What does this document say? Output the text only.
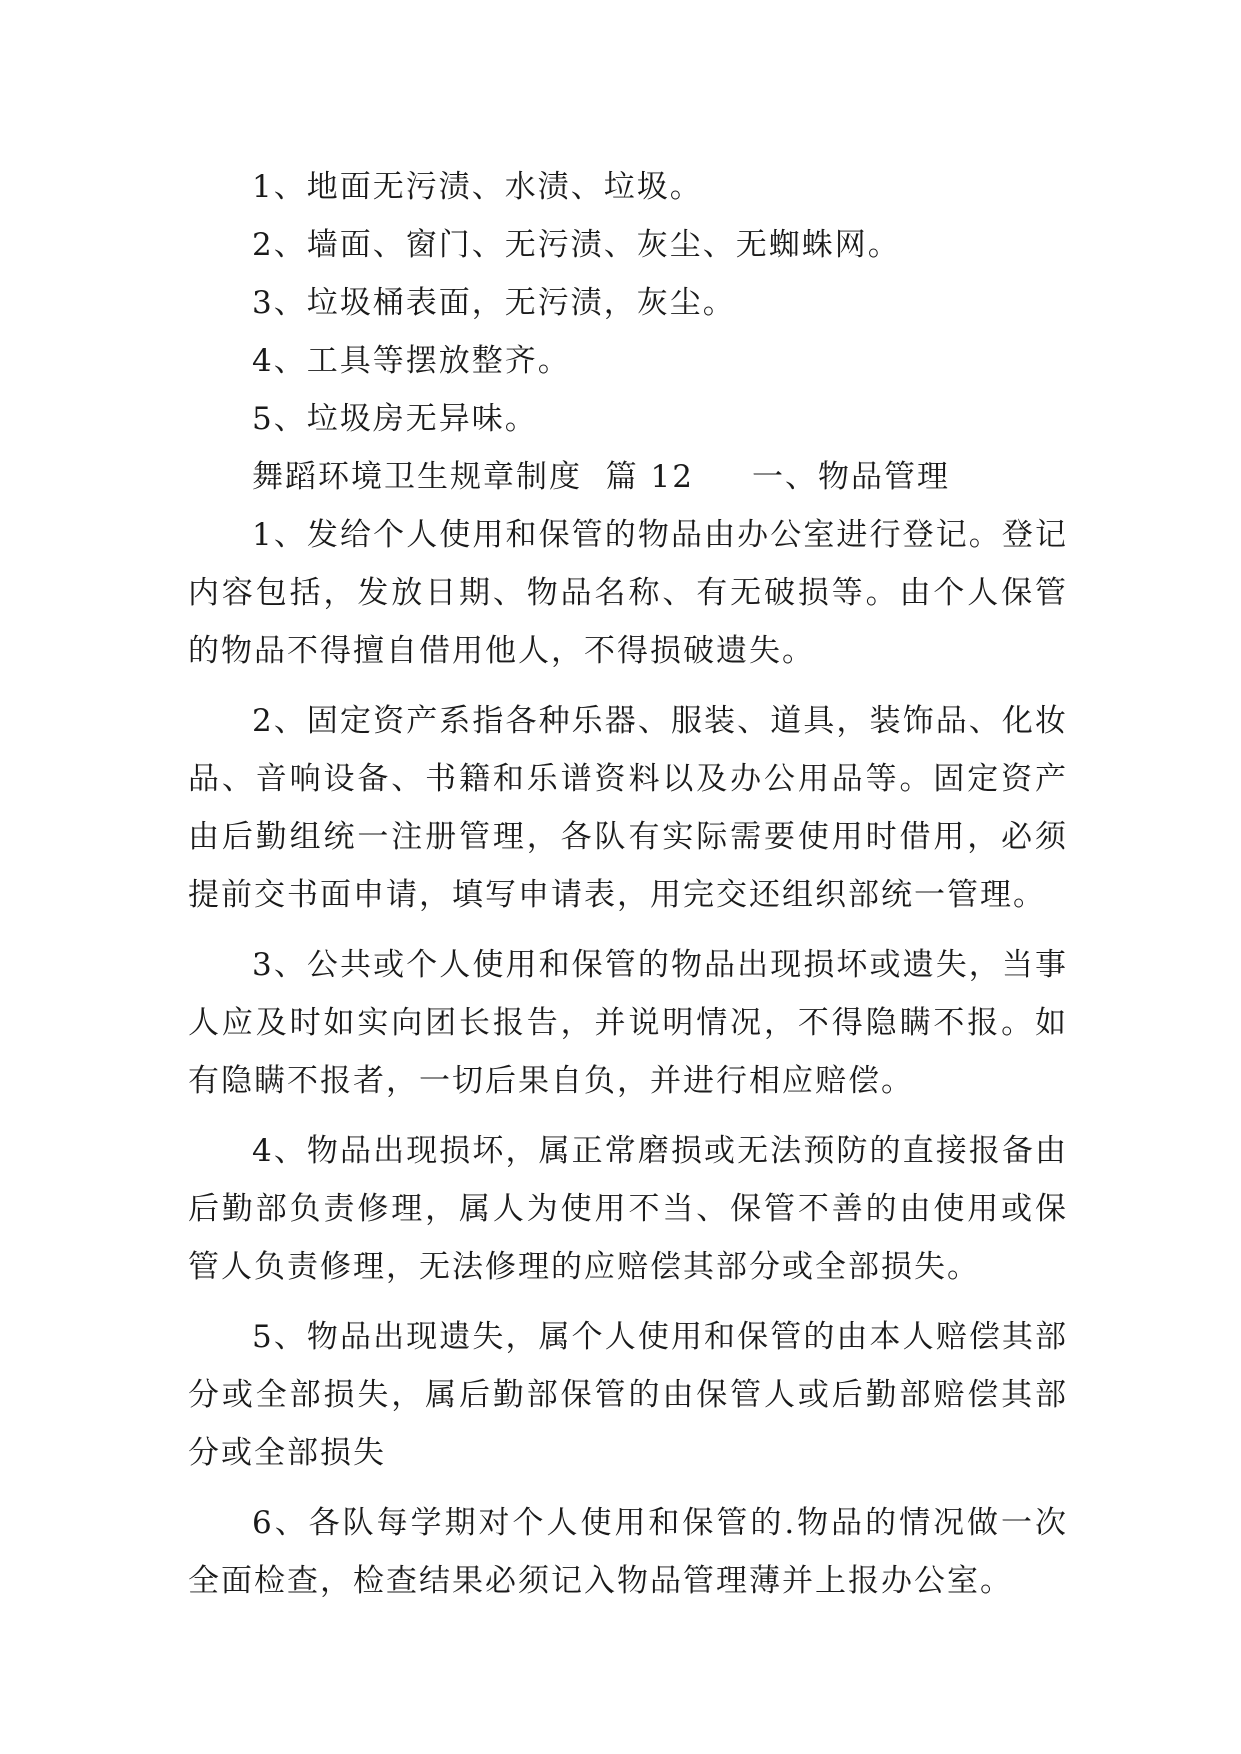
1、地面无污渍、水渍、垃圾。

2、墙面、窗门、无污渍、灰尘、无蜘蛛网。

3、垃圾桶表面，无污渍，灰尘。

4、工具等摆放整齐。

5、垃圾房无异味。

舞蹈环境卫生规章制度  篇 12 一、物品管理

1、发给个人使用和保管的物品由办公室进行登记。登记内容包括，发放日期、物品名称、有无破损等。由个人保管的物品不得擅自借用他人，不得损破遗失。

2、固定资产系指各种乐器、服装、道具，装饰品、化妆品、音响设备、书籍和乐谱资料以及办公用品等。固定资产由后勤组统一注册管理，各队有实际需要使用时借用，必须提前交书面申请，填写申请表，用完交还组织部统一管理。

3、公共或个人使用和保管的物品出现损坏或遗失，当事人应及时如实向团长报告，并说明情况，不得隐瞒不报。如有隐瞒不报者，一切后果自负，并进行相应赔偿。

4、物品出现损坏，属正常磨损或无法预防的直接报备由后勤部负责修理，属人为使用不当、保管不善的由使用或保管人负责修理，无法修理的应赔偿其部分或全部损失。

5、物品出现遗失，属个人使用和保管的由本人赔偿其部分或全部损失，属后勤部保管的由保管人或后勤部赔偿其部分或全部损失

6、各队每学期对个人使用和保管的.物品的情况做一次全面检查，检查结果必须记入物品管理薄并上报办公室。
